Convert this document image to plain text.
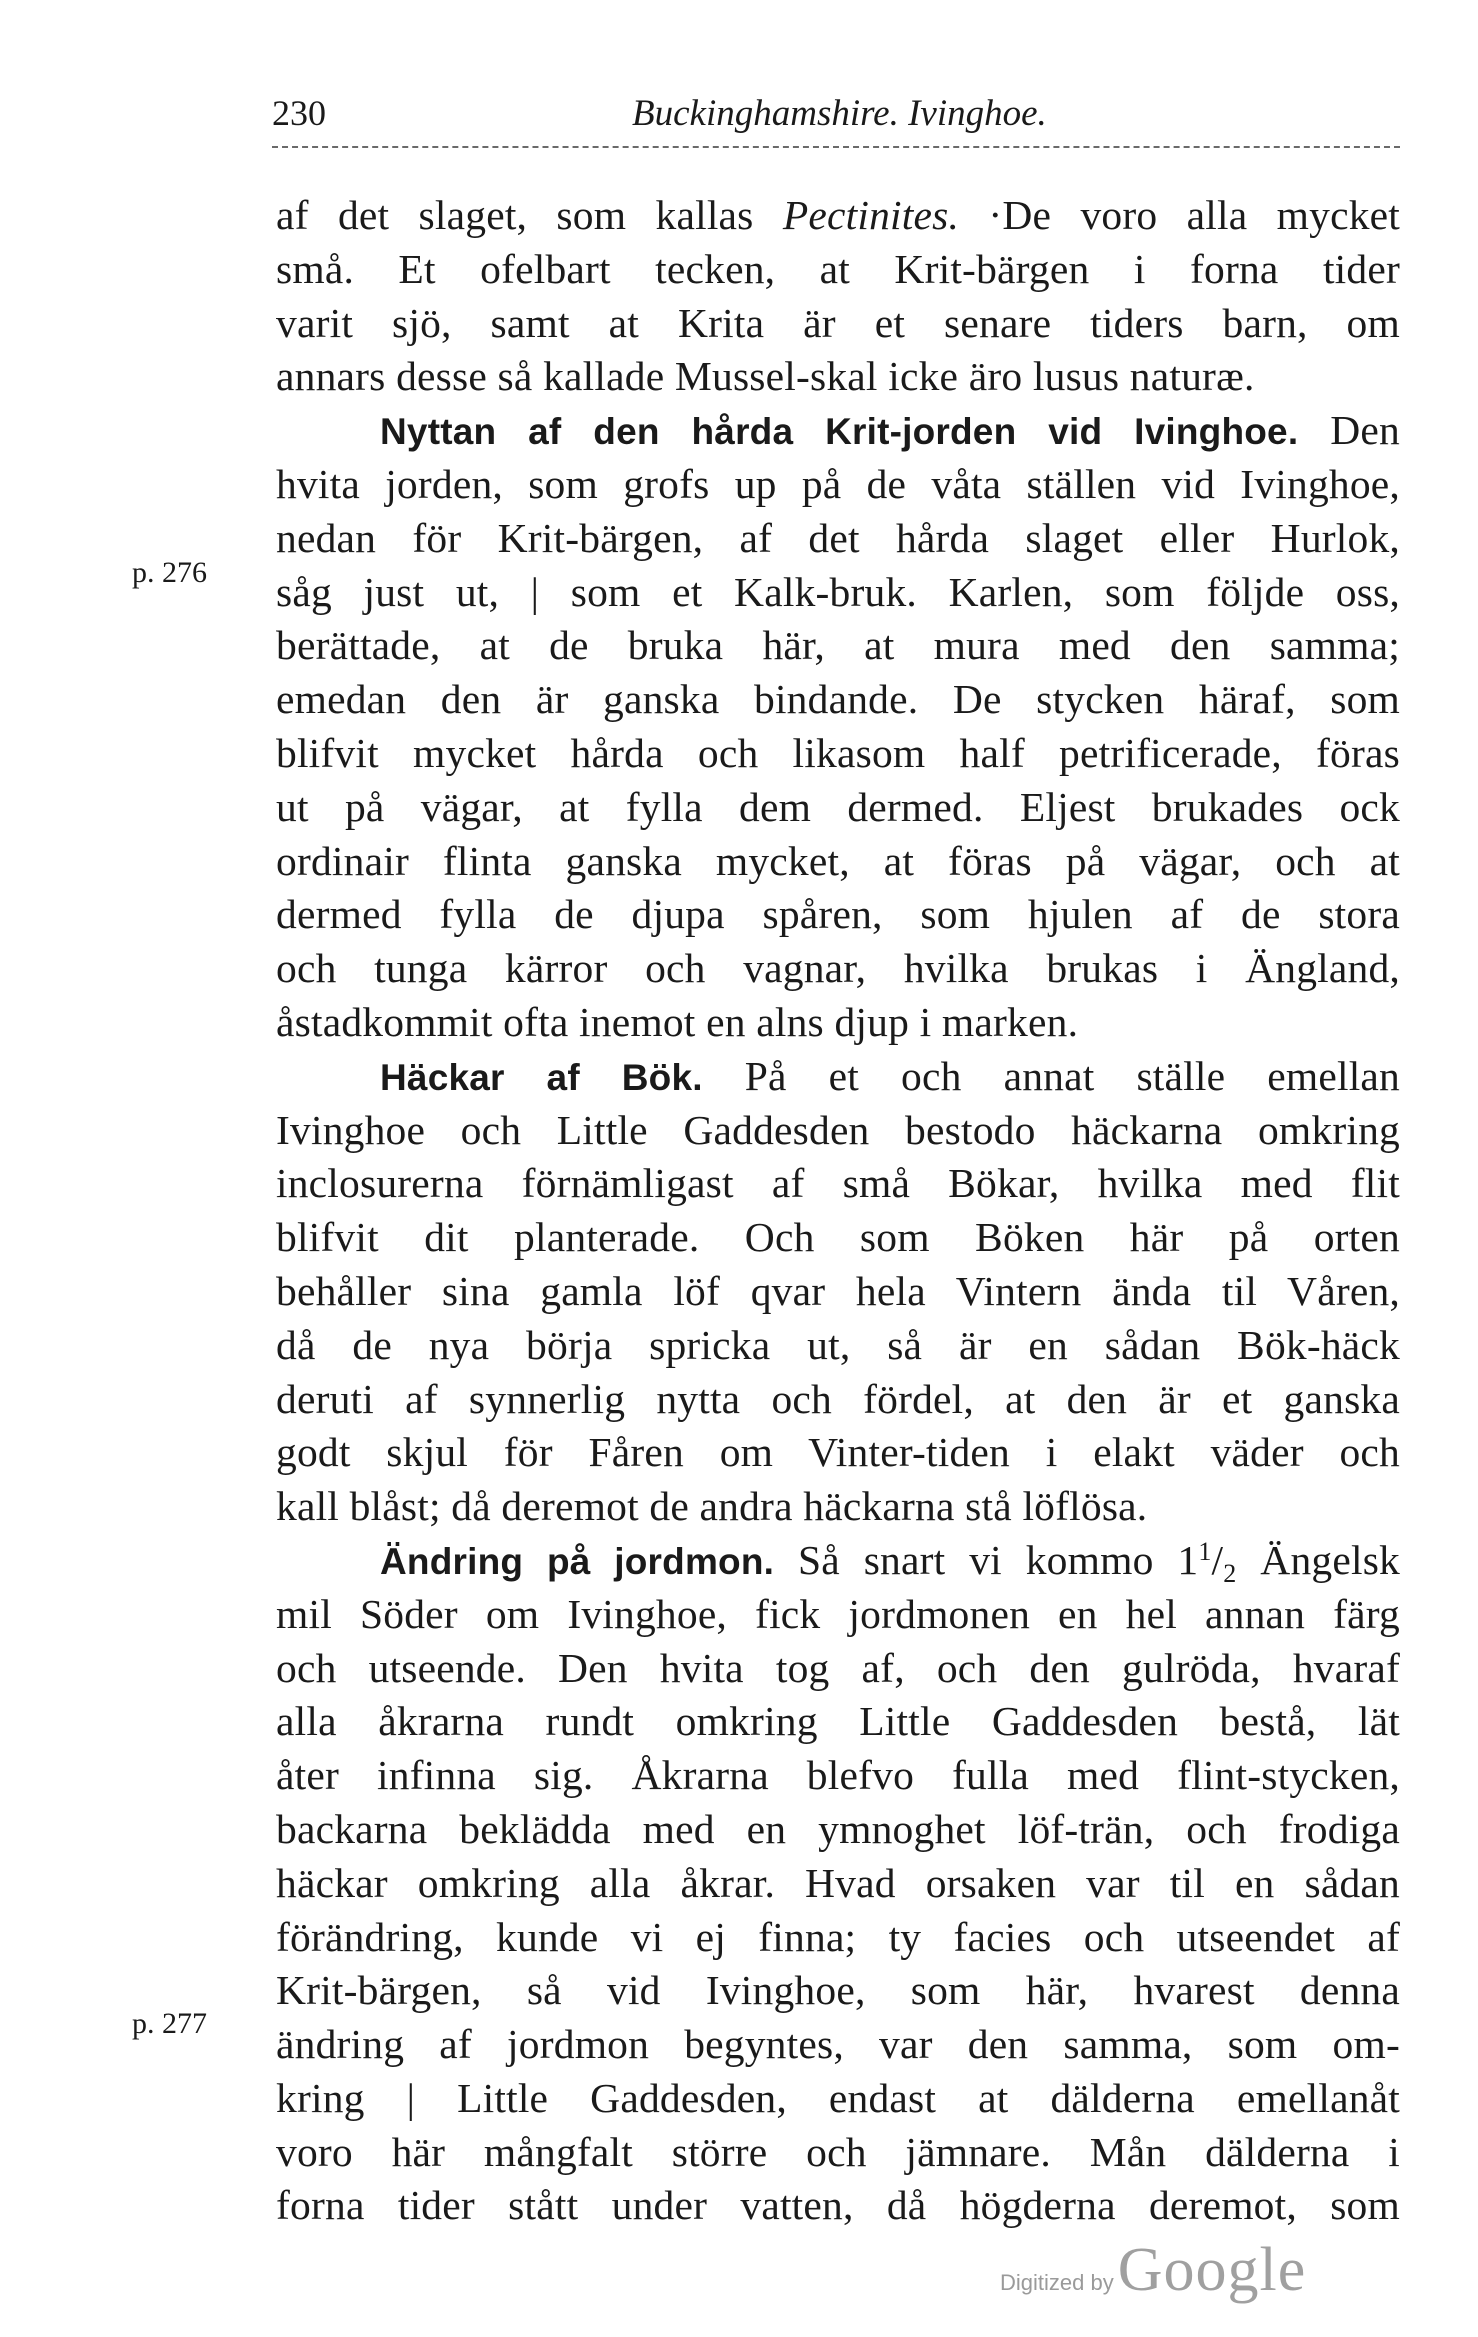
230	Buckinghamshire. Ivinghoe.
p. 276
p. 277
af det slaget, som kallas Pectinites. ·De voro alla mycket
små. Et ofelbart tecken, at Krit-bärgen i forna tider
varit sjö, samt at Krita är et senare tiders barn, om
annars desse så kallade Mussel-skal icke äro lusus naturæ.
Nyttan af den hårda Krit-jorden vid Ivinghoe. Den
hvita jorden, som grofs up på de våta ställen vid Ivinghoe,
nedan för Krit-bärgen, af det hårda slaget eller Hurlok,
såg just ut, | som et Kalk-bruk. Karlen, som följde oss,
berättade, at de bruka här, at mura med den samma;
emedan den är ganska bindande. De stycken häraf, som
blifvit mycket hårda och likasom half petrificerade, föras
ut på vägar, at fylla dem dermed. Eljest brukades ock
ordinair flinta ganska mycket, at föras på vägar, och at
dermed fylla de djupa spåren, som hjulen af de stora
och tunga kärror och vagnar, hvilka brukas i Ängland,
åstadkommit ofta inemot en alns djup i marken.
Häckar af Bök. På et och annat ställe emellan
Ivinghoe och Little Gaddesden bestodo häckarna omkring
inclosurerna förnämligast af små Bökar, hvilka med flit
blifvit dit planterade. Och som Böken här på orten
behåller sina gamla löf qvar hela Vintern ända til Våren,
då de nya börja spricka ut, så är en sådan Bök-häck
deruti af synnerlig nytta och fördel, at den är et ganska
godt skjul för Fåren om Vinter-tiden i elakt väder och
kall blåst; då deremot de andra häckarna stå löflösa.
Ändring på jordmon. Så snart vi kommo $1^1/_2$ Ängelsk
mil Söder om Ivinghoe, fick jordmonen en hel annan färg
och utseende. Den hvita tog af, och den gulröda, hvaraf
alla åkrarna rundt omkring Little Gaddesden bestå, lät
åter infinna sig. Åkrarna blefvo fulla med flint-stycken,
backarna beklädda med en ymnoghet löf-trän, och frodiga
häckar omkring alla åkrar. Hvad orsaken var til en sådan
förändring, kunde vi ej finna; ty facies och utseendet af
Krit-bärgen, så vid Ivinghoe, som här, hvarest denna
ändring af jordmon begyntes, var den samma, som om-
kring | Little Gaddesden, endast at dälderna emellanåt
voro här mångfalt större och jämnare. Mån dälderna i
forna tider stått under vatten, då högderna deremot, som
Digitized by Google
